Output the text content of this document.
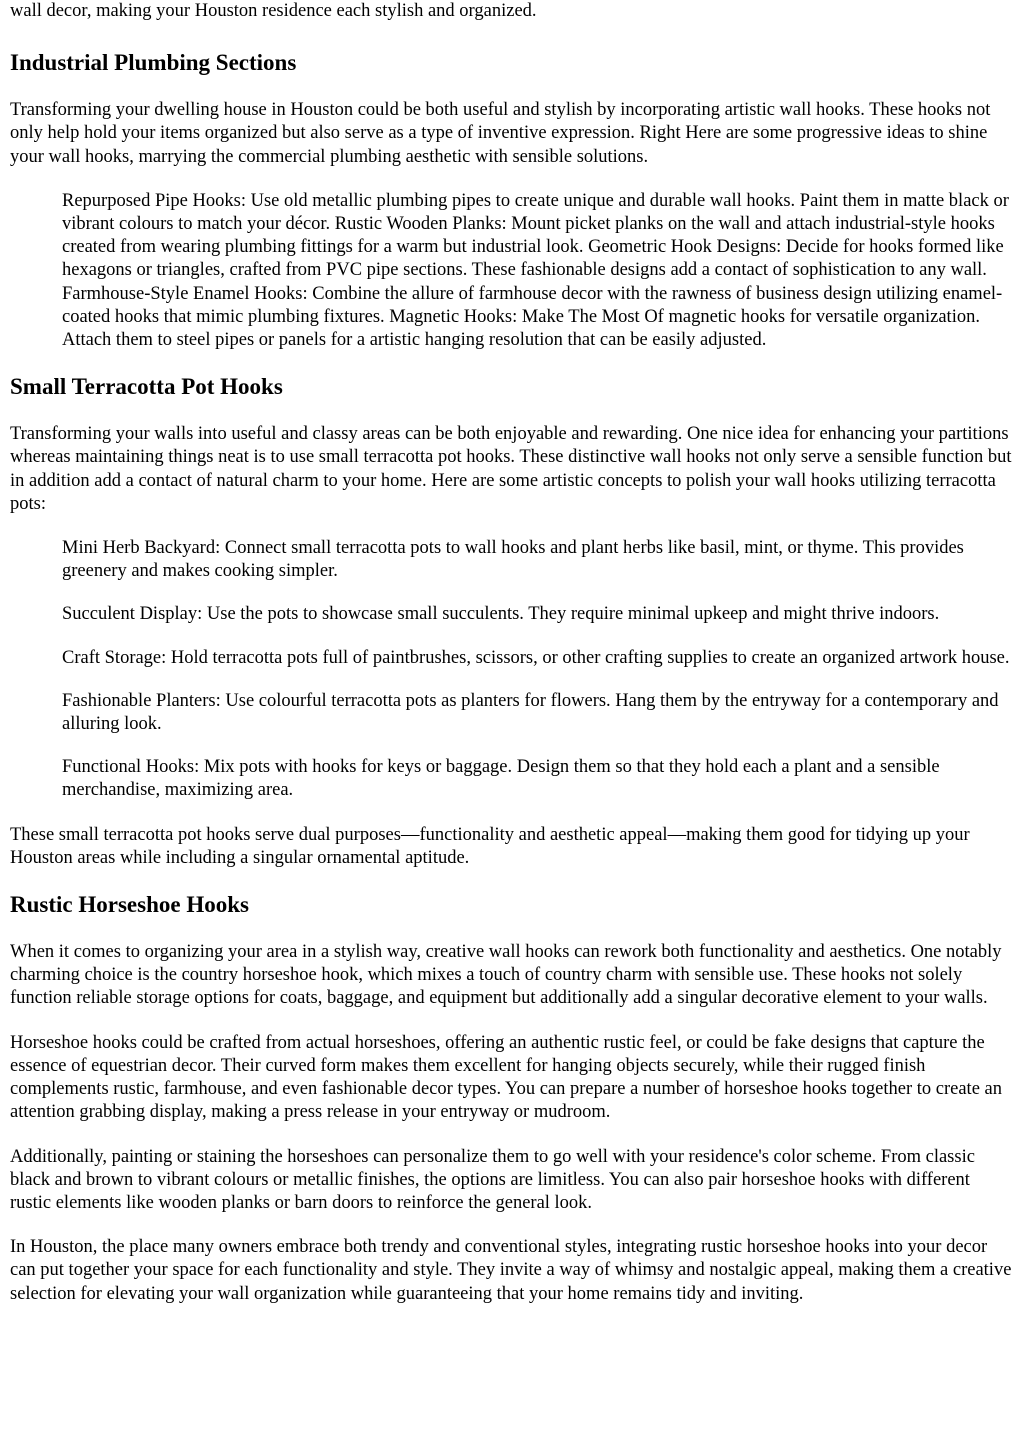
wall decor, making your Houston residence each stylish and organized.

Industrial Plumbing Sections

Transforming your dwelling house in Houston could be both useful and stylish by incorporating artistic wall hooks. These hooks not only help hold your items organized but also serve as a type of inventive expression. Right Here are some progressive ideas to shine your wall hooks, marrying the commercial plumbing aesthetic with sensible solutions.

Repurposed Pipe Hooks: Use old metallic plumbing pipes to create unique and durable wall hooks. Paint them in matte black or vibrant colours to match your décor. Rustic Wooden Planks: Mount picket planks on the wall and attach industrial-style hooks created from wearing plumbing fittings for a warm but industrial look. Geometric Hook Designs: Decide for hooks formed like hexagons or triangles, crafted from PVC pipe sections. These fashionable designs add a contact of sophistication to any wall. Farmhouse-Style Enamel Hooks: Combine the allure of farmhouse decor with the rawness of business design utilizing enamel-coated hooks that mimic plumbing fixtures. Magnetic Hooks: Make The Most Of magnetic hooks for versatile organization. Attach them to steel pipes or panels for a artistic hanging resolution that can be easily adjusted.

Small Terracotta Pot Hooks

Transforming your walls into useful and classy areas can be both enjoyable and rewarding. One nice idea for enhancing your partitions whereas maintaining things neat is to use small terracotta pot hooks. These distinctive wall hooks not only serve a sensible function but in addition add a contact of natural charm to your home. Here are some artistic concepts to polish your wall hooks utilizing terracotta pots:

Mini Herb Backyard: Connect small terracotta pots to wall hooks and plant herbs like basil, mint, or thyme. This provides greenery and makes cooking simpler.

Succulent Display: Use the pots to showcase small succulents. They require minimal upkeep and might thrive indoors.

Craft Storage: Hold terracotta pots full of paintbrushes, scissors, or other crafting supplies to create an organized artwork house.

Fashionable Planters: Use colourful terracotta pots as planters for flowers. Hang them by the entryway for a contemporary and alluring look.

Functional Hooks: Mix pots with hooks for keys or baggage. Design them so that they hold each a plant and a sensible merchandise, maximizing area.

These small terracotta pot hooks serve dual purposes—functionality and aesthetic appeal—making them good for tidying up your Houston areas while including a singular ornamental aptitude.

Rustic Horseshoe Hooks

When it comes to organizing your area in a stylish way, creative wall hooks can rework both functionality and aesthetics. One notably charming choice is the country horseshoe hook, which mixes a touch of country charm with sensible use. These hooks not solely function reliable storage options for coats, baggage, and equipment but additionally add a singular decorative element to your walls.

Horseshoe hooks could be crafted from actual horseshoes, offering an authentic rustic feel, or could be fake designs that capture the essence of equestrian decor. Their curved form makes them excellent for hanging objects securely, while their rugged finish complements rustic, farmhouse, and even fashionable decor types. You can prepare a number of horseshoe hooks together to create an attention grabbing display, making a press release in your entryway or mudroom.

Additionally, painting or staining the horseshoes can personalize them to go well with your residence's color scheme. From classic black and brown to vibrant colours or metallic finishes, the options are limitless. You can also pair horseshoe hooks with different rustic elements like wooden planks or barn doors to reinforce the general look.

In Houston, the place many owners embrace both trendy and conventional styles, integrating rustic horseshoe hooks into your decor can put together your space for each functionality and style. They invite a way of whimsy and nostalgic appeal, making them a creative selection for elevating your wall organization while guaranteeing that your home remains tidy and inviting.
